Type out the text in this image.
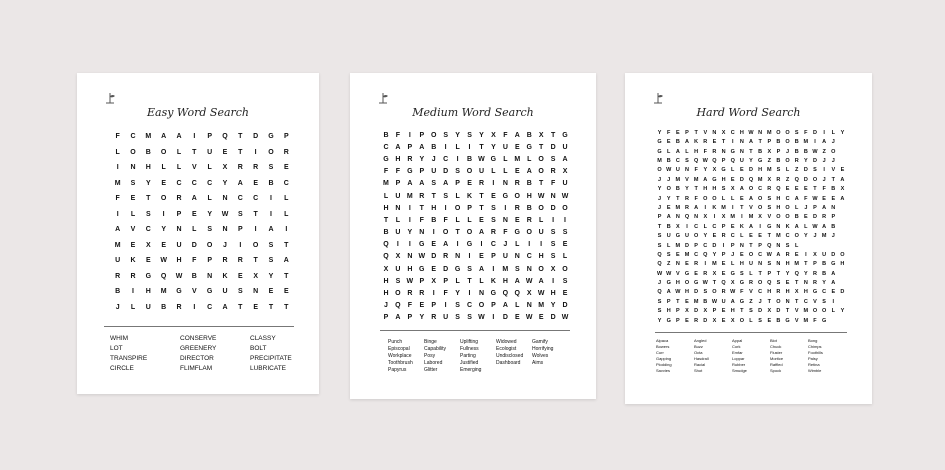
Easy Word Search
F	C	M	A	A	I	P	Q	T	D	G	P
L	O	B	O	L	T	U	E	T	I	O	R
I	N	H	L	L	V	L	X	R	R	S	E
M	S	Y	E	C	C	C	Y	A	E	B	C
F	E	T	O	R	A	L	N	C	C	I	L
I	L	S	I	P	E	Y	W	S	T	I	L
A	V	C	Y	N	L	S	N	P	I	A	I
M	E	X	E	U	D	O	J	I	O	S	T
U	K	E	W	H	F	P	R	R	T	S	A
R	R	G	Q	W	B	N	K	E	X	Y	T
B	I	H	M	G	V	G	U	S	N	E	E
J	L	U	B	R	I	C	A	T	E	T	T
WHIM	CONSERVE	CLASSY
LOT	GREENERY	BOLT
TRANSPIRE	DIRECTOR	PRECIPITATE
CIRCLE	FLIMFLAM	LUBRICATE
Medium Word Search
B	F	I	P O S	Y	S	Y	X	F	A B	X	T	G
C A	P	A B	I	L	I	T	Y	U	E G	T	D U
G H R	Y	J	C	I	B W G	L M L	O S	A
F	F	G P	U D	S O U	L	L	E	A O R	X
M P	A A	S	A	P	E	R	I	N R B	T	F	U
L	U M R	T	S	L	K	T	E G O H W N W
H N	I	T	H	I	O P	T	S	I	R B O D O
T	L	I	F	B	F	L	L	E	S	N	E	R	L	I	I
B U	Y	N	I	O	T	O A R	F	G O U	S	S
Q	I	I	G E	A	I	G	I	C	J	L	I	I	S	E
Q X	N W D R N	I	E	P	U N C H	S	L
X	U H G E	D G S	A	I	M S	N O X O
H	S W P	X	P	L	T	L	K H A W A	I	S
H O R R	I	F	Y	I	N G Q Q X W H	E
J	Q	F	E	P	I	S	C O P	A	L	N M Y	D
P	A	P	Y	R U	S	S W	I	D	E W E	D W
Punch	Binge	Uplifting	Widowed	Gamify
Episcopal	Capability	Fullness	Ecologist	Horrifying
Workplace	Posy	Parting	Undisclosed	Wolves
Toothbrush	Labored	Justified	Dashboard	Aims
Papyrus	Glitter	Emerging
Hard Word Search
Y	F	E P	T	V N X C H W N M O O S	F D	I	L	Y
G E B A K R E	T	I	N A T	P B O B M	I	A	J
G L A L H F R N G N T B X P	J	B B W Z O
M B C S Q W Q P Q U Y G Z B O R Y D	J	J
O W U N F	Y X G L	E D H M S	L	Z D S	I	V E
J	J M V M A G H E D Q M X R Z Q D O J	T A
Y O B Y	T H H S X A O C R Q E E E	T	F B X
J	Y	T R F O O L	L	E A O S H C A F W E E A
J	E M R A	I	K M	I	T	V O S H O L	J	P A N
P A N Q N X	I	X M	I	M X V O O B E D R P
T B X	I	C L C P E K A	I	G N K A L W A B
S U G U O Y E R C L	E E	T M C O Y	J M J
S	L M D P C D	I	P N T	P Q N S	L
Q S E M C Q Y P	J	E O C W A R E	I	X U D O
Q Z N E R	I	M E	L H U N S N H M T	P B G H
W W V G E R X E G S	L	T	P	T	Y Q Y R B A
J G H O G W T Q X G R O Q S E	T N R Y A
Q A W H D S O R W F	V C H R H X H G C E D
S P	T	E M B W U A G Z	J	T O N T C V S	I
S H P X D X P E H T	S D X D T	V M O O L	Y
Y G P E R D X E X O L	S E B G V M F G
Alpaca	Angled	Appal	Blot	Bong
Bowers	Buzz	Cork	Chuck	Chimps
Curr	Octa	Emfar	Fluster	Foothills
Gapping	Hasdrall	Loppar	Mortice	Palsy
Plodding	Racial	Rubber	Raffled	Retina
Savvies	Shot	Smudge	Spock	Wimble
